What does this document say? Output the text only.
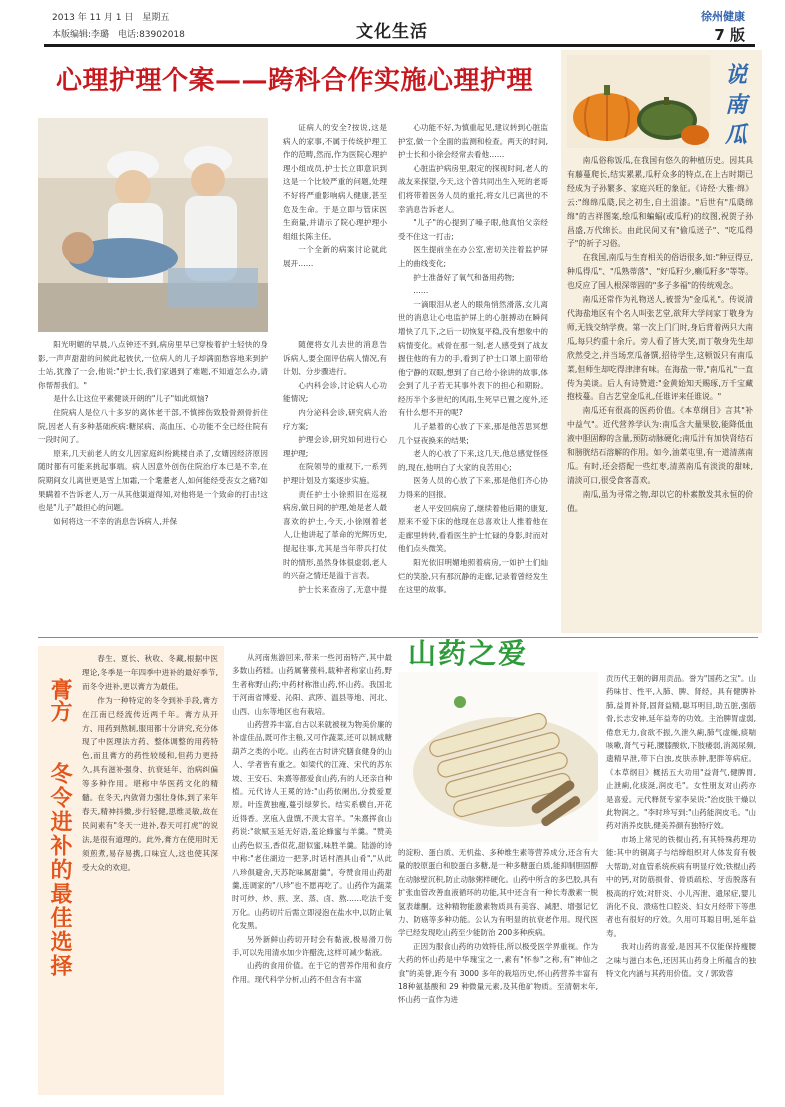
2013 年 11 月 1 日　星期五
本版编辑:李璐　电话:83902018	文化生活
徐州健康
7 版
心理护理个案——跨科合作实施心理护理

证病人的安全?按说,这是病人的家事,不属于传统护理工作的范畴,然而,作为医院心理护理小组成员,护士长立即意识到这是一个比较严重的问题,处理不好将严重影响病人健康,甚至危及生命。于是立即与管床医生商量,并请示了院心理护理小组组长陈主任。

一个全新的病案讨论就此展开……

阳光明媚的早晨,八点钟还不到,病房里早已穿梭着护士轻快的身影,一声声甜甜的问候此起彼伏,一位病人的儿子却满面愁容地来到护士站,犹豫了一会,他说:"护士长,我们家遇到了难题,不知道怎么办,请你帮帮我们。"

是什么让这位平素健谈开朗的"儿子"如此烦恼?

住院病人是位八十多岁的离休老干部,不慎摔伤致股骨颈骨折住院,因老人有多种基础疾病:糖尿病、高血压、心功能不全已经住院有一段时间了。

原来,几天前老人的女儿因家庭纠纷跳楼自杀了,女婿因经济原因随时都有可能来挑起事端。病人因意外创伤住院治疗本已是不幸,在院期间女儿离世更是雪上加霜,一个耄耋老人,如何能经受丧女之痛?如果瞒着不告诉老人,万一从其他渠道得知,对他将是一个致命的打击!这也是"儿子"最担心的问题。

如何将这一不幸的消息告诉病人,并保

随便将女儿去世的消息告诉病人,要全面评估病人情况,有计划、分步骤进行。

心内科会诊,讨论病人心功能情况;

内分泌科会诊,研究病人治疗方案;

护理会诊,研究如何进行心理护理;

在院领导的重视下,一系列护理计划及方案逐步实施。

责任护士小徐照旧在巡视病房,做日间的护理,她是老人最喜欢的护士,今天,小徐刚着老人,让他讲起了革命的光辉历史,提起往事,尤其是当年带兵打仗时的情形,虽然身体很虚弱,老人的兴奋之情还是溢于言表。

护士长来查房了,无意中提

心功能不好,为慎重起见,建议转到心脏监护室,做一个全面的监测和检查。两天的时间,护士长和小徐会经常去看他……

心脏监护病房里,限定的探视时间,老人的战友来探望,今天,这个曾共同出生入死的老哥们将带着医务人员的重托,将女儿已离世的不幸消息告诉老人。

"儿子"的心提到了嗓子眼,他真怕父亲经受不住这一打击;

医生提前坐在办公室,密切关注着监护屏上的曲线变化;

护士准备好了氧气和备用药物;

……

一滴眼泪从老人的眼角悄然滑落,女儿离世的消息让心电监护屏上的心脏搏动在瞬间增快了几下,之后一切恢复平稳,没有想象中的病情变化。戒骨在那一刻,老人感受到了战友握住他的有力的手,看到了护士口罩上面带给他宁静的双眼,想到了自己给小徐讲的故事,体会到了儿子若无其事外表下的担心和期盼。经历半个多世纪的风雨,生死早已置之度外,还有什么想不开的呢?

儿子悬着的心放了下来,那是他苦思冥想几个昼夜换来的结果;

老人的心放了下来,这几天,他总感觉怪怪的,现在,他明白了大家的良苦用心;

医务人员的心放了下来,那是他们齐心协力得来的回报。

老人平安回病房了,继续着他后期的康复,原来不爱下床的他现在总喜欢让人推着他在走廊里转转,看看医生护士忙碌的身影,时而对他们点头微笑。

阳光依旧明媚地照着病房,一如护士们灿烂的笑脸,只有那沉静的走廊,记录着曾经发生在这里的故事。

说
南
瓜

南瓜俗称饭瓜,在我国有悠久的种植历史。因其具有藤蔓爬长,结实累累,瓜籽众多的特点,在上古时期已经成为子孙繁多、家庭兴旺的象征。《诗经·大雅·绵》云:"绵绵瓜瓞,民之初生,自土沮漆。"后世有"瓜瓞绵绵"的吉祥图案,绘瓜和蝙蝠(或瓜籽)的纹图,祝贺子孙昌盛,万代绵长。由此民间又有"偷瓜送子"、"吃瓜得子"的祈子习俗。

在我国,南瓜与生育相关的俗语很多,如:"种豆得豆,种瓜得瓜"、"瓜熟蒂落"、"好瓜籽少,癞瓜籽多"等等。也反应了国人根深蒂固的"多子多福"的传统观念。

南瓜还常作为礼物送人,被誉为"金瓜礼"。传说清代海盐地区有个名人叫张艺堂,欲拜大学问家丁敬身为师,无钱交纳学费。第一次上门门时,身后背着两只大南瓜,每只约重十余斤。旁人看了皆大笑,而丁敬身先生却欣然受之,并当场烹瓜备馔,招待学生,这顿饭只有南瓜菜,但师生却吃得津津有味。在海盐一带,"南瓜礼"一直传为美谈。后人有诗赞道:"金黄始知天赐琢,万千宝藏抱枝蔓。自古艺堂金瓜礼,任谁评来任谁说。"

南瓜还有很高的医药价值。《本草纲目》言其"补中益气"。近代营养学认为:南瓜含大量果胶,能降低血液中胆固醇的含量,预防动脉硬化;南瓜汁有加快肾结石和膀胱结石溶解的作用。如今,油菜屯里,有一道清蒸南瓜。有时,还会搭配一些红枣,清蒸南瓜有淡淡的甜味,清淡可口,很受食客喜欢。

南瓜,虽为寻常之物,却以它的朴素散发其永恒的价值。

膏方
冬令进补的最佳选择

春生、夏长、秋收、冬藏,根据中医理论,冬季是一年四季中进补的最好季节,而冬令进补,更以膏方为最佳。

作为一种特定的冬令到补手段,膏方在江南已经流传近两千年。膏方从开方、用药到熬制,服用都十分讲究,充分体现了中医理法方药、整体调整的用药特色,而且膏方的药性较缓和,但药力更持久,具有滋补强身、抗衰延年、治病纠偏等多种作用。堪称中华医药文化的精髓。在冬天,内敛肾力强壮身体,到了来年春天,精神抖擞,步行轻健,思维灵敏,故在民间素有"冬天一进补,春天可打虎"的说法,是很有道理的。此外,膏方在使用时无须煎煮,易存易携,口味宜人,这也使其深受大众的欢迎。

山药之爱

从河南焦游回来,带来一些河南特产,其中最多数山药糕。山药属薯蓣科,载种者称家山药,野生者称野山药;中药材称淮山药,怀山药。我国北于河南省博爱、沁阳、武陟、温县等地、河北、山西、山东等地区也有栽培。

山药营养丰富,自古以来就被视为物美价廉的补虚佳品,既可作主粮,又可作蔬菜,还可以制成糖葫芦之类的小吃。山药在古时讲究膳食健身的山人、学者皆有重之。如梁代的江淹、宋代的苏东坡、王安石、朱熹等都爱食山药,有的人还亲自种植。元代诗人王冕的诗:"山药依阑出,分拨爱夏原。叶连黄独瘦,蔓引绿萝长。结实系横自,开花近得香。烹庖入盘馔,不羡太官羊。"朱熹挥食山药说:"欲赋玉延无好语,羞论蜂蜜与羊羹。"赞美山药色似玉,香似花,甜似蜜,味胜羊羹。陆游的诗中称:"老住湖边一把茅,时话村酒具山肴","从此八珍俱避舍,天苏陀味属甜羹"。夸赞食用山药甜羹,连调家的"八珍"也不愿再吃了。山药作为蔬菜时可炒、炒、煎、烹、蒸、卤、熬……吃法千变万化。山药切片后需立即浸泡在盐水中,以防止氧化发黑。

另外新鲜山药切开时会有黏液,极易滑刀伤手,可以先用清水加少许醋洗,这样可减少黏液。

山药的食用价值。在于它的营养作用和食疗作用。现代科学分析,山药不但含有丰富

的淀粉、蛋白质、无机盐、多种维生素等营养成分,还含有大量的胶原蛋白和胶蛋白多糖,是一种多糖蛋白质,能抑制胆固醇在动脉壁沉积,防止动脉粥样硬化。山药中所含的多巴胶,具有扩张血管改善血液循环的功能,其中还含有一种长寿激素一脱氢表雄酮。这种精物能激素物质具有美容、减肥、增强记忆力、防癌等多种功能。公认为有明显的抗衰老作用。现代医学已经发现吃山药至少能防治 200多种疾病。

正因为服食山药的功效特佳,所以极受医学界重视。作为大药的怀山药是中华瑰宝之一,素有"怀参"之称,有"神仙之食"的美誉,距今有 3000 多年的栽培历史,怀山药营养丰富有 18种氨基酸和 29 种微量元素,及其他矿物质。至清朝末年,怀山药一直作为进

贡历代王朝的御用贡品。誉为"国药之宝"。山药味甘、性平,入肺、脾、肾经。具有健脾补肺,益胃补肾,固肾益精,聪耳明目,助五脏,强筋骨,长志安神,延年益寿的功效。主治脾胃虚弱,倦怠无力,食欲不振,久泄久痢,肺气虚燥,痰喘咳嗽,肾气亏耗,腰膝酸软,下肢痿弱,消渴尿频,遗精早泄,带下白浊,皮肤赤肿,肥胖等病症。《本草纲目》概括五大功用"益肾气,健脾胃,止泄痢,化痰涎,润皮毛"。女性朋友对山药亦是喜爱。元代释贤专家李呆说:"治皮肤干燥以此物润之。"李时珍写到:"山药能润皮毛。"山药对消养皮肤,健美养颜有独特疗效。

市场上常见的铁棍山药,有其特殊药理功能:其中的铜离子与结缔组织对人体发育有极大帮助,对血管系统疾病有明显疗效;铁棍山药中的钙,对防筋损骨、骨质疏松、牙齿脱落有极高的疗效;对肝炎、小儿泻泄、遗尿症,婴儿消化不良、溃疡性口腔炎、妇女月经带下等患者也有很好的疗效。久用可耳聪目明,延年益寿。

我对山药的喜爱,是因其不仅能保持瘦腰之味与滋白本色,还因其山药身上所蕴含的独特文化内涵与其药用价值。文 / 郭致蓉
